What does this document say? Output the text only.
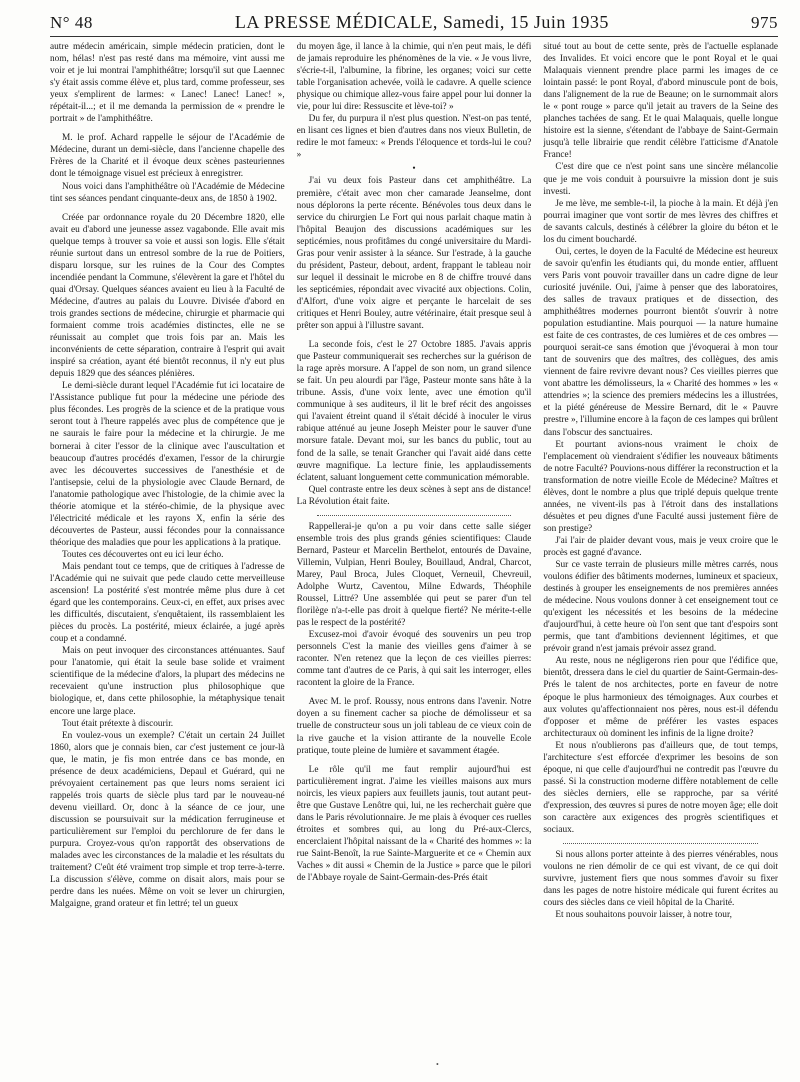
N° 48	LA PRESSE MÉDICALE, Samedi, 15 Juin 1935	975

autre médecin américain, simple médecin praticien, dont le nom, hélas! n'est pas resté dans ma mémoire, vint aussi me voir et je lui montrai l'amphithéâtre; lorsqu'il sut que Laennec s'y était assis comme élève et, plus tard, comme professeur, ses yeux s'emplirent de larmes: « Lanec! Lanec! Lanec! », répétait-il...; et il me demanda la permission de « prendre le portrait » de l'amphithéâtre.

M. le prof. Achard rappelle le séjour de l'Académie de Médecine, durant un demi-siècle, dans l'ancienne chapelle des Frères de la Charité et il évoque deux scènes pasteuriennes dont le témoignage visuel est précieux à enregistrer.

Nous voici dans l'amphithéâtre où l'Académie de Médecine tint ses séances pendant cinquante-deux ans, de 1850 à 1902.

Créée par ordonnance royale du 20 Décembre 1820, elle avait eu d'abord une jeunesse assez vagabonde. Elle avait mis quelque temps à trouver sa voie et aussi son logis. Elle s'était réunie surtout dans un entresol sombre de la rue de Poitiers, disparu lorsque, sur les ruines de la Cour des Comptes incendiée pendant la Commune, s'élevèrent la gare et l'hôtel du quai d'Orsay. Quelques séances avaient eu lieu à la Faculté de Médecine, d'autres au palais du Louvre. Divisée d'abord en trois grandes sections de médecine, chirurgie et pharmacie qui formaient comme trois académies distinctes, elle ne se réunissait au complet que trois fois par an. Mais les inconvénients de cette séparation, contraire à l'esprit qui avait inspiré sa création, ayant été bientôt reconnus, il n'y eut plus depuis 1829 que des séances plénières.

Le demi-siècle durant lequel l'Académie fut ici locataire de l'Assistance publique fut pour la médecine une période des plus fécondes. Les progrès de la science et de la pratique vous seront tout à l'heure rappelés avec plus de compétence que je ne saurais le faire pour la médecine et la chirurgie. Je me bornerai à citer l'essor de la clinique avec l'auscultation et beaucoup d'autres procédés d'examen, l'essor de la chirurgie avec les découvertes successives de l'anesthésie et de l'antisepsie, celui de la physiologie avec Claude Bernard, de l'anatomie pathologique avec l'histologie, de la chimie avec la théorie atomique et la stéréo-chimie, de la physique avec l'électricité médicale et les rayons X, enfin la série des découvertes de Pasteur, aussi fécondes pour la connaissance théorique des maladies que pour les applications à la pratique.

Toutes ces découvertes ont eu ici leur écho.

Mais pendant tout ce temps, que de critiques à l'adresse de l'Académie qui ne suivait que pede claudo cette merveilleuse ascension! La postérité s'est montrée même plus dure à cet égard que les contemporains. Ceux-ci, en effet, aux prises avec les difficultés, discutaient, s'enquêtaient, ils rassemblaient les pièces du procès. La postérité, mieux éclairée, a jugé après coup et a condamné.

Mais on peut invoquer des circonstances atténuantes. Sauf pour l'anatomie, qui était la seule base solide et vraiment scientifique de la médecine d'alors, la plupart des médecins ne recevaient qu'une instruction plus philosophique que biologique, et, dans cette philosophie, la métaphysique tenait encore une large place.

Tout était prétexte à discourir.

En voulez-vous un exemple? C'était un certain 24 Juillet 1860, alors que je connais bien, car c'est justement ce jour-là que, le matin, je fis mon entrée dans ce bas monde, en présence de deux académiciens, Depaul et Guérard, qui ne prévoyaient certainement pas que leurs noms seraient ici rappelés trois quarts de siècle plus tard par le nouveau-né devenu vieillard. Or, donc à la séance de ce jour, une discussion se poursuivait sur la médication ferrugineuse et particulièrement sur l'emploi du perchlorure de fer dans le purpura. Croyez-vous qu'on rapportât des observations de malades avec les circonstances de la maladie et les résultats du traitement? C'eût été vraiment trop simple et trop terre-à-terre. La discussion s'élève, comme on disait alors, mais pour se perdre dans les nuées. Même on voit se lever un chirurgien, Malgaigne, grand orateur et fin lettré; tel un gueux

du moyen âge, il lance à la chimie, qui n'en peut mais, le défi de jamais reproduire les phénomènes de la vie. « Je vous livre, s'écrie-t-il, l'albumine, la fibrine, les organes; voici sur cette table l'organisation achevée, voilà le cadavre. A quelle science physique ou chimique allez-vous faire appel pour lui donner la vie, pour lui dire: Ressuscite et lève-toi? »

Du fer, du purpura il n'est plus question. N'est-on pas tenté, en lisant ces lignes et bien d'autres dans nos vieux Bulletin, de redire le mot fameux: « Prends l'éloquence et tords-lui le cou? »

•

J'ai vu deux fois Pasteur dans cet amphithéâtre. La première, c'était avec mon cher camarade Jeanselme, dont nous déplorons la perte récente. Bénévoles tous deux dans le service du chirurgien Le Fort qui nous parlait chaque matin à l'hôpital Beaujon des discussions académiques sur les septicémies, nous profitâmes du congé universitaire du Mardi-Gras pour venir assister à la séance. Sur l'estrade, à la gauche du président, Pasteur, debout, ardent, frappant le tableau noir sur lequel il dessinait le microbe en 8 de chiffre trouvé dans les septicémies, répondait avec vivacité aux objections. Colin, d'Alfort, d'une voix aigre et perçante le harcelait de ses critiques et Henri Bouley, autre vétérinaire, était presque seul à prêter son appui à l'illustre savant.

La seconde fois, c'est le 27 Octobre 1885. J'avais appris que Pasteur communiquerait ses recherches sur la guérison de la rage après morsure. A l'appel de son nom, un grand silence se fait. Un peu alourdi par l'âge, Pasteur monte sans hâte à la tribune. Assis, d'une voix lente, avec une émotion qu'il communique à ses auditeurs, il lit le bref récit des angoisses qui l'avaient étreint quand il s'était décidé à inoculer le virus rabique atténué au jeune Joseph Meister pour le sauver d'une morsure fatale. Devant moi, sur les bancs du public, tout au fond de la salle, se tenait Grancher qui l'avait aidé dans cette œuvre magnifique. La lecture finie, les applaudissements éclatent, saluant longuement cette communication mémorable.

Quel contraste entre les deux scènes à sept ans de distance! La Révolution était faite.

Rappellerai-je qu'on a pu voir dans cette salle siéger ensemble trois des plus grands génies scientifiques: Claude Bernard, Pasteur et Marcelin Berthelot, entourés de Davaine, Villemin, Vulpian, Henri Bouley, Bouillaud, Andral, Charcot, Marey, Paul Broca, Jules Cloquet, Verneuil, Chevreuil, Adolphe Wurtz, Caventou, Milne Edwards, Théophile Roussel, Littré? Une assemblée qui peut se parer d'un tel florilège n'a-t-elle pas droit à quelque fierté? Ne mérite-t-elle pas le respect de la postérité?

Excusez-moi d'avoir évoqué des souvenirs un peu trop personnels C'est la manie des vieilles gens d'aimer à se raconter. N'en retenez que la leçon de ces vieilles pierres: comme tant d'autres de ce Paris, à qui sait les interroger, elles racontent la gloire de la France.

Avec M. le prof. Roussy, nous entrons dans l'avenir. Notre doyen a su finement cacher sa pioche de démolisseur et sa truelle de constructeur sous un joli tableau de ce vieux coin de la rive gauche et la vision attirante de la nouvelle Ecole pratique, toute pleine de lumière et savamment étagée.

Le rôle qu'il me faut remplir aujourd'hui est particulièrement ingrat. J'aime les vieilles maisons aux murs noircis, les vieux papiers aux feuillets jaunis, tout autant peut-être que Gustave Lenôtre qui, lui, ne les recherchait guère que dans le Paris révolutionnaire. Je me plais à évoquer ces ruelles étroites et sombres qui, au long du Pré-aux-Clercs, encerclaient l'hôpital naissant de la « Charité des hommes »: la rue Saint-Benoît, la rue Sainte-Marguerite et ce « Chemin aux Vaches » dit aussi « Chemin de la Justice » parce que le pilori de l'Abbaye royale de Saint-Germain-des-Prés était

situé tout au bout de cette sente, près de l'actuelle esplanade des Invalides. Et voici encore que le pont Royal et le quai Malaquais viennent prendre place parmi les images de ce lointain passé: le pont Royal, d'abord minuscule pont de bois, dans l'alignement de la rue de Beaune; on le surnommait alors le « pont rouge » parce qu'il jetait au travers de la Seine des planches tachées de sang. Et le quai Malaquais, quelle longue histoire est la sienne, s'étendant de l'abbaye de Saint-Germain jusqu'à telle librairie que rendit célèbre l'atticisme d'Anatole France!

C'est dire que ce n'est point sans une sincère mélancolie que je me vois conduit à poursuivre la mission dont je suis investi.

Je me lève, me semble-t-il, la pioche à la main. Et déjà j'en pourrai imaginer que vont sortir de mes lèvres des chiffres et de savants calculs, destinés à célébrer la gloire du béton et le los du ciment bouchardé.

Oui, certes, le doyen de la Faculté de Médecine est heureux de savoir qu'enfin les étudiants qui, du monde entier, affluent vers Paris vont pouvoir travailler dans un cadre digne de leur curiosité juvénile. Oui, j'aime à penser que des laboratoires, des salles de travaux pratiques et de dissection, des amphithéâtres modernes pourront bientôt s'ouvrir à notre population estudiantine. Mais pourquoi — la nature humaine est faite de ces contrastes, de ces lumières et de ces ombres — pourquoi serait-ce sans émotion que j'évoquerai à mon tour tant de souvenirs que des maîtres, des collègues, des amis viennent de faire revivre devant nous? Ces vieilles pierres que vont abattre les démolisseurs, la « Charité des hommes » les « attendries »; la science des premiers médecins les a illustrées, et la piété généreuse de Messire Bernard, dit le « Pauvre prestre », l'illumine encore à la façon de ces lampes qui brûlent dans l'obscur des sanctuaires.

Et pourtant avions-nous vraiment le choix de l'emplacement où viendraient s'édifier les nouveaux bâtiments de notre Faculté? Pouvions-nous différer la reconstruction et la transformation de notre vieille Ecole de Médecine? Maîtres et élèves, dont le nombre a plus que triplé depuis quelque trente années, ne vivent-ils pas à l'étroit dans des installations désuètes et peu dignes d'une Faculté aussi justement fière de son prestige?

J'ai l'air de plaider devant vous, mais je veux croire que le procès est gagné d'avance.

Sur ce vaste terrain de plusieurs mille mètres carrés, nous voulons édifier des bâtiments modernes, lumineux et spacieux, destinés à grouper les enseignements de nos premières années de médecine. Nous voulons donner à cet enseignement tout ce qu'exigent les nécessités et les besoins de la médecine d'aujourd'hui, à cette heure où l'on sent que tant d'espoirs sont permis, que tant d'ambitions deviennent légitimes, et que prévoir grand n'est jamais prévoir assez grand.

Au reste, nous ne négligerons rien pour que l'édifice que, bientôt, dressera dans le ciel du quartier de Saint-Germain-des-Prés le talent de nos architectes, porte en faveur de notre époque le plus harmonieux des témoignages. Aux courbes et aux volutes qu'affectionnaient nos pères, nous est-il défendu d'opposer et même de préférer les vastes espaces architecturaux où dominent les infinis de la ligne droite?

Et nous n'oublierons pas d'ailleurs que, de tout temps, l'architecture s'est efforcée d'exprimer les besoins de son époque, ni que celle d'aujourd'hui ne contredit pas l'œuvre du passé. Si la construction moderne diffère notablement de celle des siècles derniers, elle se rapproche, par sa vérité d'expression, des œuvres si pures de notre moyen âge; elle doit son caractère aux exigences des progrès scientifiques et sociaux.

Si nous allons porter atteinte à des pierres vénérables, nous voulons ne rien démolir de ce qui est vivant, de ce qui doit survivre, justement fiers que nous sommes d'avoir su fixer dans les pages de notre histoire médicale qui furent écrites au cours des siècles dans ce vieil hôpital de la Charité.

Et nous souhaitons pouvoir laisser, à notre tour,

•
